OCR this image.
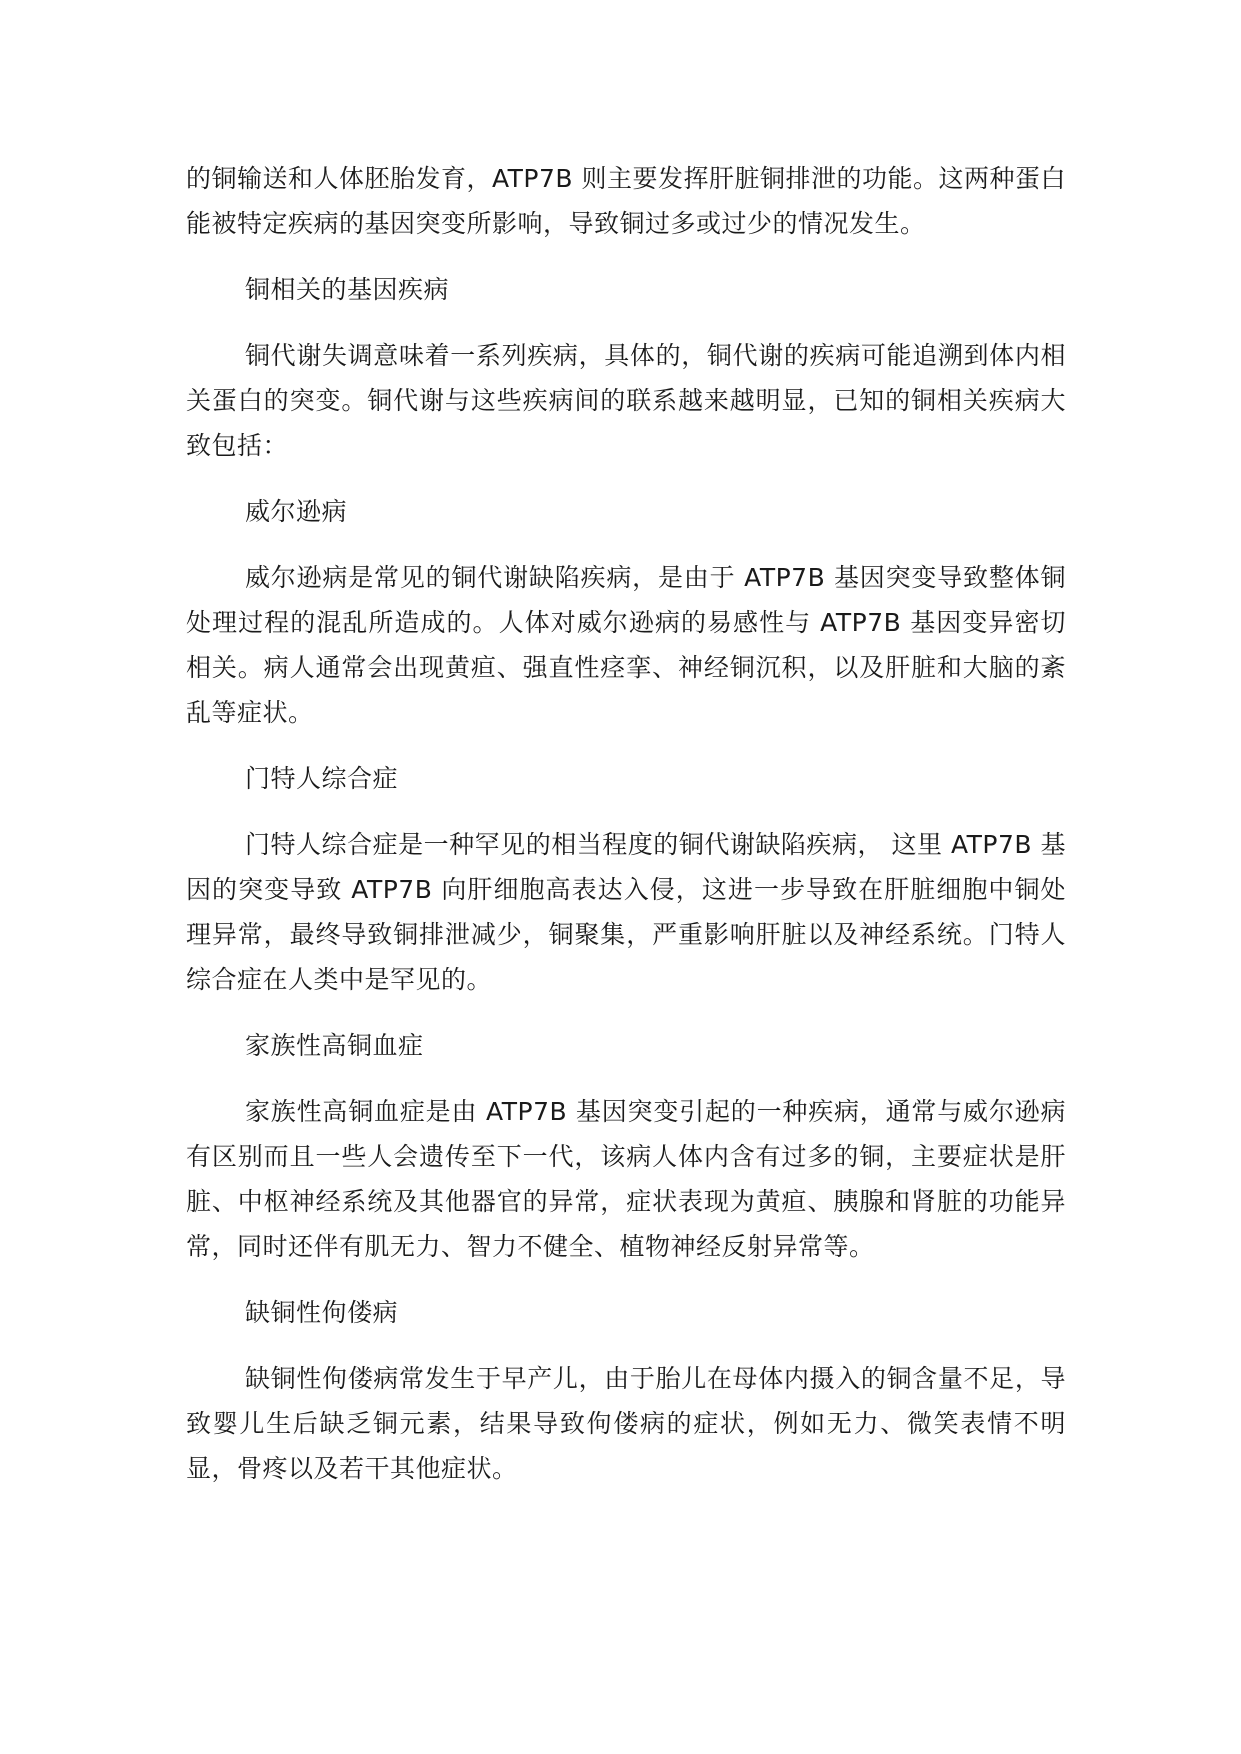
的铜输送和人体胚胎发育，ATP7B 则主要发挥肝脏铜排泄的功能。这两种蛋白能被特定疾病的基因突变所影响，导致铜过多或过少的情况发生。

铜相关的基因疾病

铜代谢失调意味着一系列疾病，具体的，铜代谢的疾病可能追溯到体内相关蛋白的突变。铜代谢与这些疾病间的联系越来越明显，已知的铜相关疾病大致包括：

威尔逊病

威尔逊病是常见的铜代谢缺陷疾病，是由于 ATP7B 基因突变导致整体铜处理过程的混乱所造成的。人体对威尔逊病的易感性与 ATP7B 基因变异密切相关。病人通常会出现黄疸、强直性痉挛、神经铜沉积，以及肝脏和大脑的紊乱等症状。

门特人综合症

门特人综合症是一种罕见的相当程度的铜代谢缺陷疾病， 这里 ATP7B 基因的突变导致 ATP7B 向肝细胞高表达入侵，这进一步导致在肝脏细胞中铜处理异常，最终导致铜排泄减少，铜聚集，严重影响肝脏以及神经系统。门特人综合症在人类中是罕见的。

家族性高铜血症

家族性高铜血症是由 ATP7B 基因突变引起的一种疾病，通常与威尔逊病有区别而且一些人会遗传至下一代，该病人体内含有过多的铜，主要症状是肝脏、中枢神经系统及其他器官的异常，症状表现为黄疸、胰腺和肾脏的功能异常，同时还伴有肌无力、智力不健全、植物神经反射异常等。

缺铜性佝偻病

缺铜性佝偻病常发生于早产儿，由于胎儿在母体内摄入的铜含量不足，导致婴儿生后缺乏铜元素，结果导致佝偻病的症状，例如无力、微笑表情不明显，骨疼以及若干其他症状。
